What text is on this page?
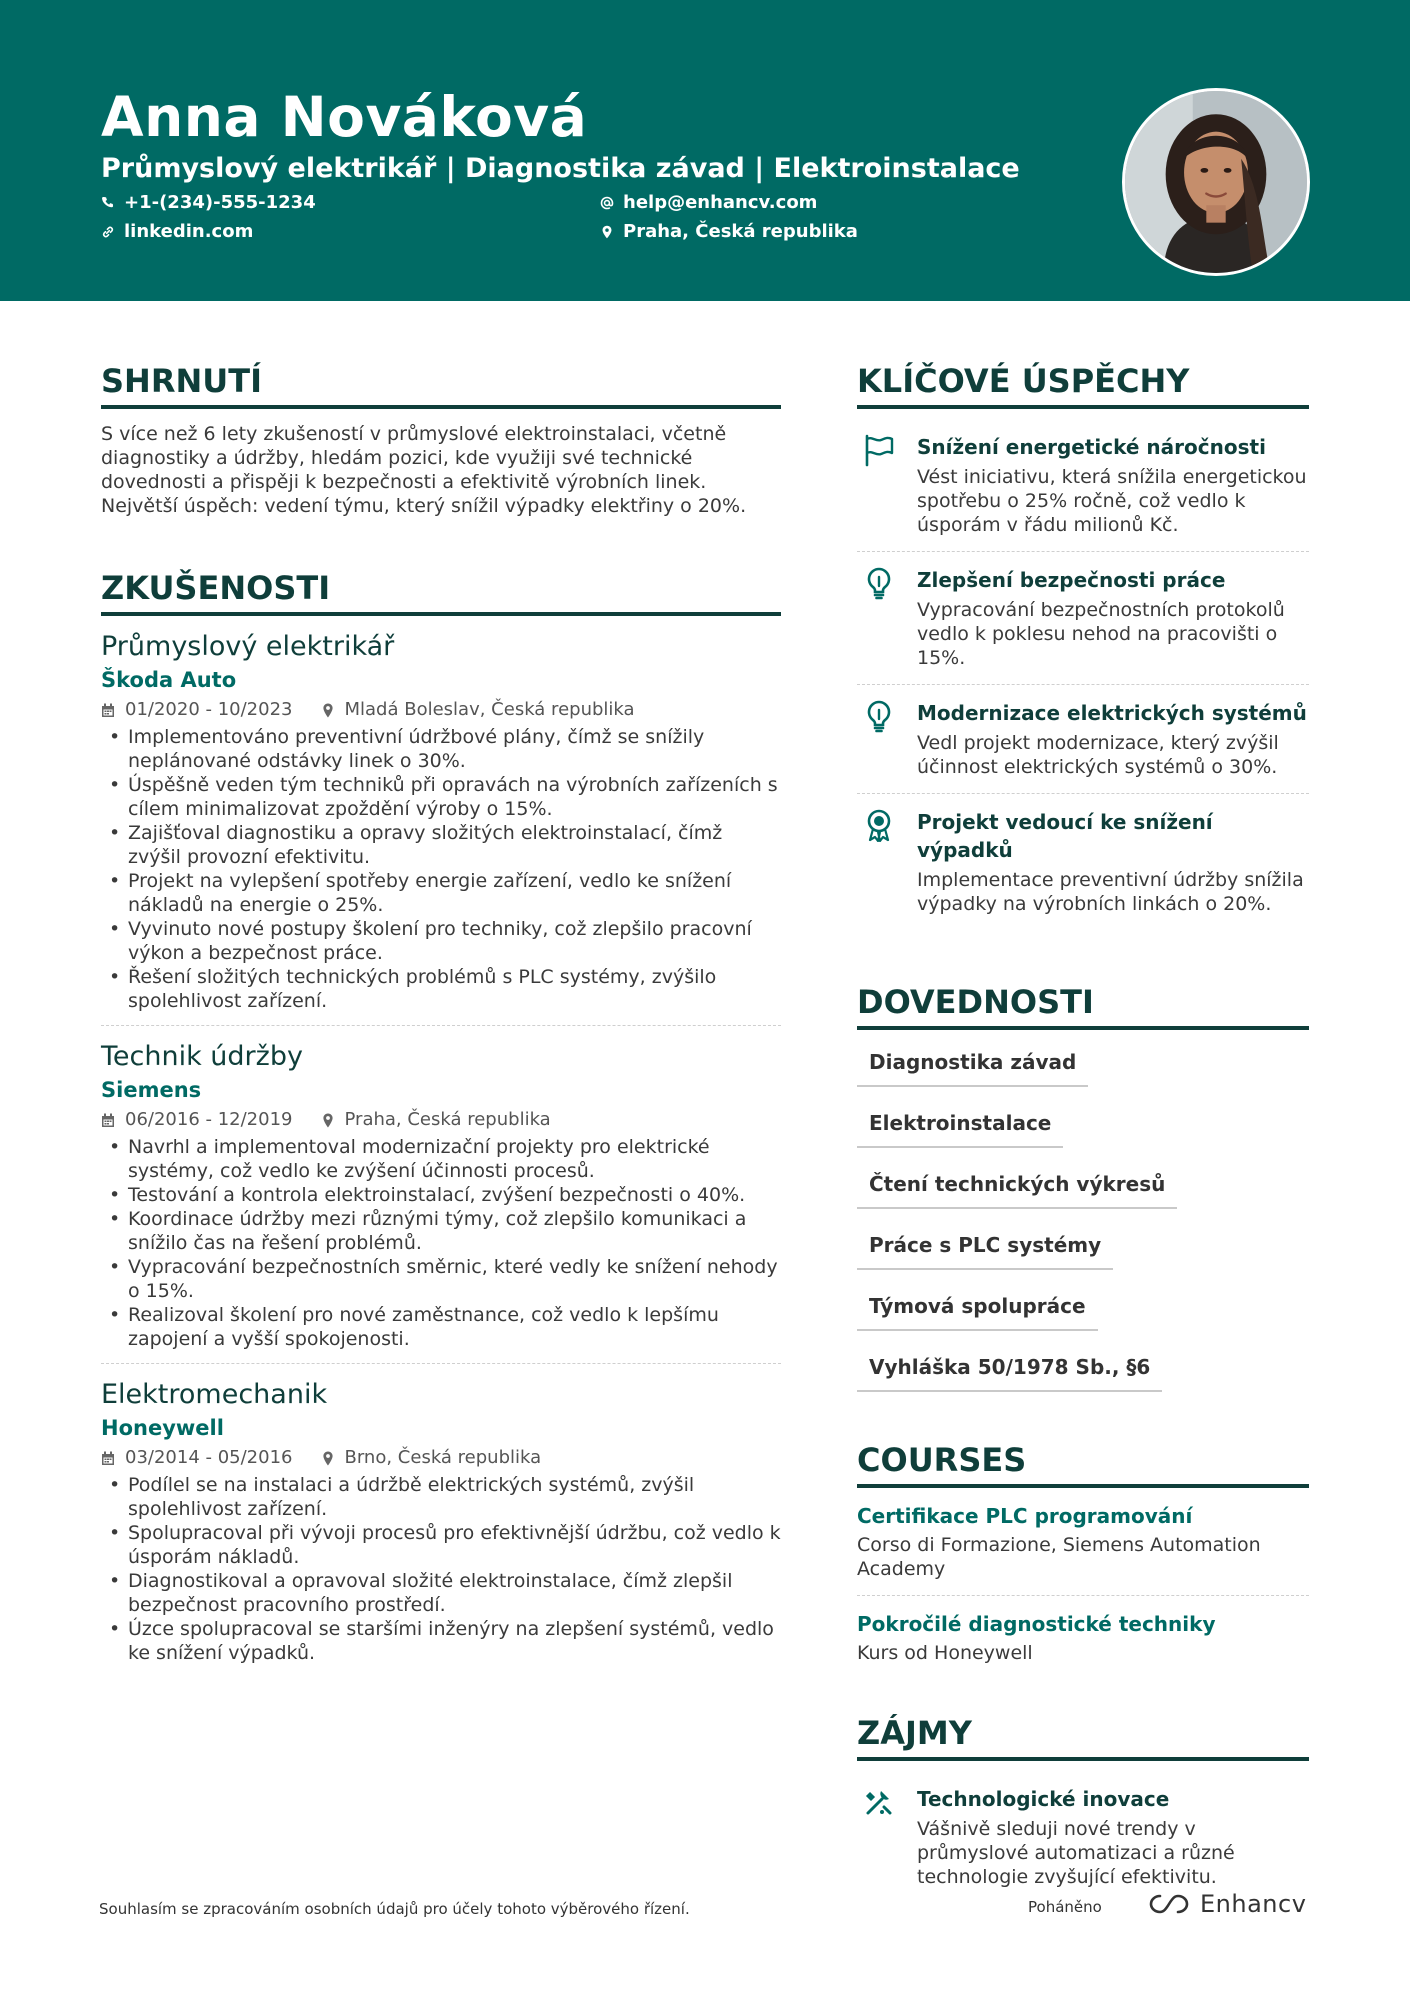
Anna Nováková
Průmyslový elektrikář | Diagnostika závad | Elektroinstalace
+1-(234)-555-1234	help@enhancv.com
linkedin.com	Praha, Česká republika
SHRNUTÍ
S více než 6 lety zkušeností v průmyslové elektroinstalaci, včetně diagnostiky a údržby, hledám pozici, kde využiji své technické dovednosti a přispěji k bezpečnosti a efektivitě výrobních linek. Největší úspěch: vedení týmu, který snížil výpadky elektřiny o 20%.
ZKUŠENOSTI
Průmyslový elektrikář
Škoda Auto
01/2020 - 10/2023	Mladá Boleslav, Česká republika
• Implementováno preventivní údržbové plány, čímž se snížily neplánované odstávky linek o 30%.
• Úspěšně veden tým techniků při opravách na výrobních zařízeních s cílem minimalizovat zpoždění výroby o 15%.
• Zajišťoval diagnostiku a opravy složitých elektroinstalací, čímž zvýšil provozní efektivitu.
• Projekt na vylepšení spotřeby energie zařízení, vedlo ke snížení nákladů na energie o 25%.
• Vyvinuto nové postupy školení pro techniky, což zlepšilo pracovní výkon a bezpečnost práce.
• Řešení složitých technických problémů s PLC systémy, zvýšilo spolehlivost zařízení.
Technik údržby
Siemens
06/2016 - 12/2019	Praha, Česká republika
• Navrhl a implementoval modernizační projekty pro elektrické systémy, což vedlo ke zvýšení účinnosti procesů.
• Testování a kontrola elektroinstalací, zvýšení bezpečnosti o 40%.
• Koordinace údržby mezi různými týmy, což zlepšilo komunikaci a snížilo čas na řešení problémů.
• Vypracování bezpečnostních směrnic, které vedly ke snížení nehody o 15%.
• Realizoval školení pro nové zaměstnance, což vedlo k lepšímu zapojení a vyšší spokojenosti.
Elektromechanik
Honeywell
03/2014 - 05/2016	Brno, Česká republika
• Podílel se na instalaci a údržbě elektrických systémů, zvýšil spolehlivost zařízení.
• Spolupracoval při vývoji procesů pro efektivnější údržbu, což vedlo k úsporám nákladů.
• Diagnostikoval a opravoval složité elektroinstalace, čímž zlepšil bezpečnost pracovního prostředí.
• Úzce spolupracoval se staršími inženýry na zlepšení systémů, vedlo ke snížení výpadků.
KLÍČOVÉ ÚSPĚCHY
Snížení energetické náročnosti
Vést iniciativu, která snížila energetickou spotřebu o 25% ročně, což vedlo k úsporám v řádu milionů Kč.
Zlepšení bezpečnosti práce
Vypracování bezpečnostních protokolů vedlo k poklesu nehod na pracovišti o 15%.
Modernizace elektrických systémů
Vedl projekt modernizace, který zvýšil účinnost elektrických systémů o 30%.
Projekt vedoucí ke snížení výpadků
Implementace preventivní údržby snížila výpadky na výrobních linkách o 20%.
DOVEDNOSTI
Diagnostika závad
Elektroinstalace
Čtení technických výkresů
Práce s PLC systémy
Týmová spolupráce
Vyhláška 50/1978 Sb., §6
COURSES
Certifikace PLC programování
Corso di Formazione, Siemens Automation Academy
Pokročilé diagnostické techniky
Kurs od Honeywell
ZÁJMY
Technologické inovace
Vášnivě sleduji nové trendy v průmyslové automatizaci a různé technologie zvyšující efektivitu.
Souhlasím se zpracováním osobních údajů pro účely tohoto výběrového řízení.	Poháněno	Enhancv
